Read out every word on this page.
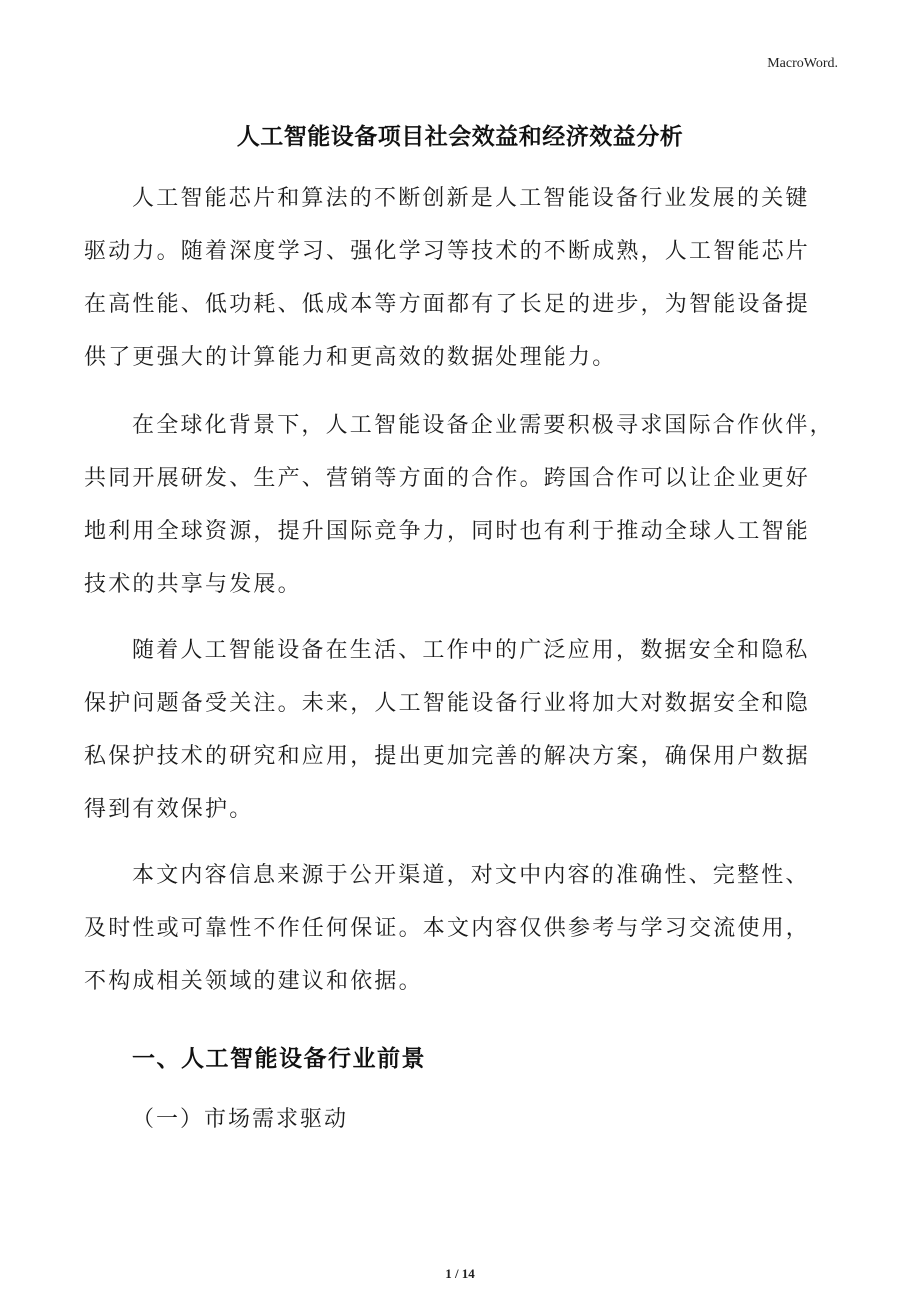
MacroWord.
人工智能设备项目社会效益和经济效益分析
人工智能芯片和算法的不断创新是人工智能设备行业发展的关键
驱动力。随着深度学习、强化学习等技术的不断成熟，人工智能芯片
在高性能、低功耗、低成本等方面都有了长足的进步，为智能设备提
供了更强大的计算能力和更高效的数据处理能力。
在全球化背景下，人工智能设备企业需要积极寻求国际合作伙伴，
共同开展研发、生产、营销等方面的合作。跨国合作可以让企业更好
地利用全球资源，提升国际竞争力，同时也有利于推动全球人工智能
技术的共享与发展。
随着人工智能设备在生活、工作中的广泛应用，数据安全和隐私
保护问题备受关注。未来，人工智能设备行业将加大对数据安全和隐
私保护技术的研究和应用，提出更加完善的解决方案，确保用户数据
得到有效保护。
本文内容信息来源于公开渠道，对文中内容的准确性、完整性、
及时性或可靠性不作任何保证。本文内容仅供参考与学习交流使用，
不构成相关领域的建议和依据。
一、人工智能设备行业前景
（一）市场需求驱动
1 / 14
